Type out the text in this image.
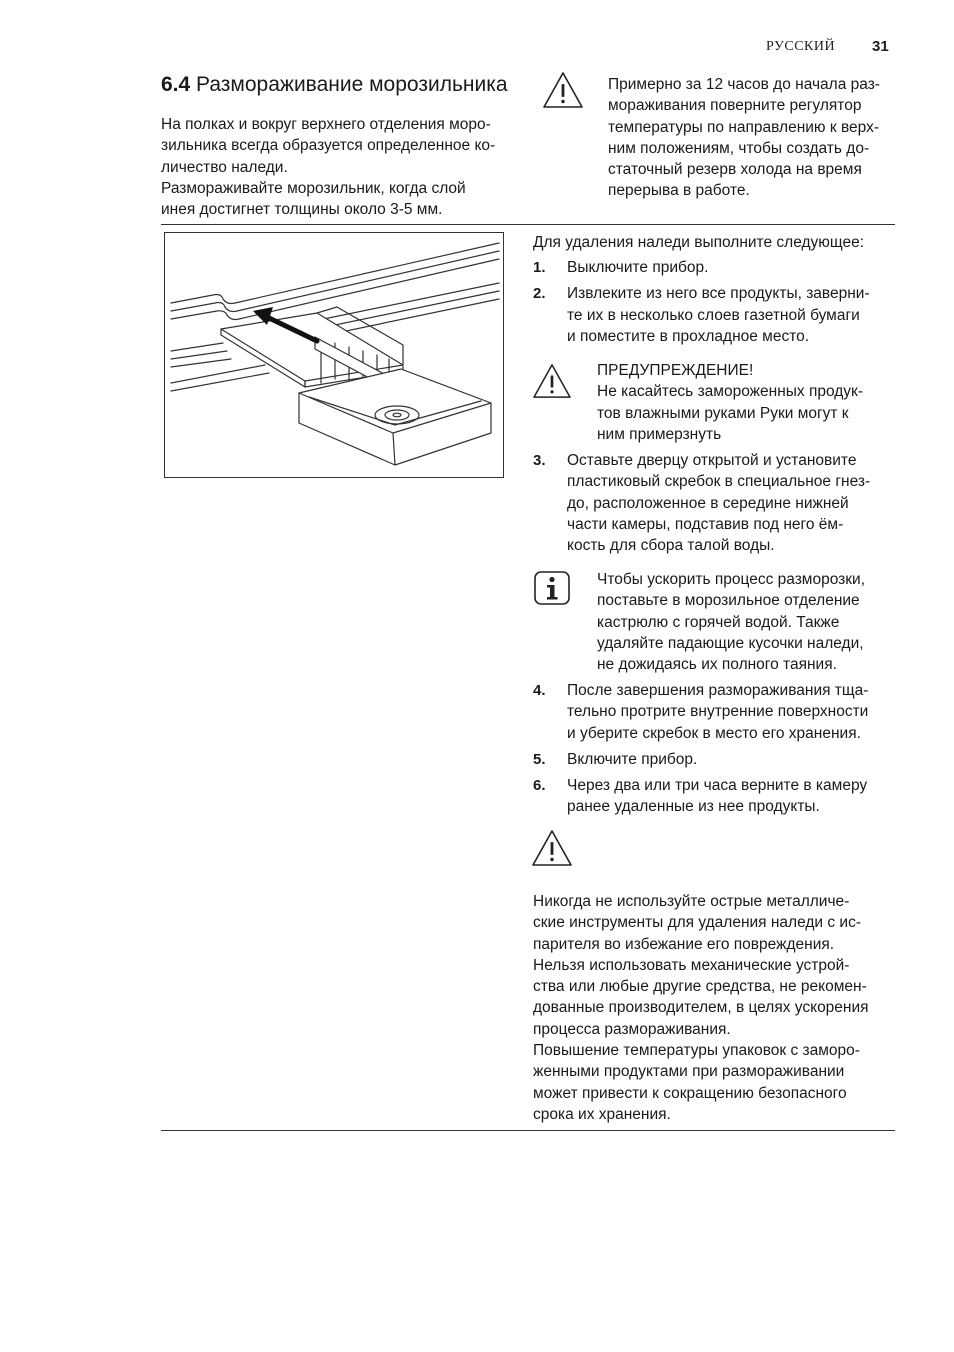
РУССКИЙ 31
6.4 Размораживание морозильника
На полках и вокруг верхнего отделения моро-
зильника всегда образуется определенное ко-
личество наледи.
Размораживайте морозильник, когда слой
инея достигнет толщины около 3-5 мм.
Примерно за 12 часов до начала раз-
мораживания поверните регулятор
температуры по направлению к верх-
ним положениям, чтобы создать до-
статочный резерв холода на время
перерыва в работе.
Для удаления наледи выполните следующее:
1. Выключите прибор.
2. Извлеките из него все продукты, заверни-
те их в несколько слоев газетной бумаги
и поместите в прохладное место.
ПРЕДУПРЕЖДЕНИЕ!
Не касайтесь замороженных продук-
тов влажными руками Руки могут к
ним примерзнуть
3. Оставьте дверцу открытой и установите
пластиковый скребок в специальное гнез-
до, расположенное в середине нижней
части камеры, подставив под него ём-
кость для сбора талой воды.
Чтобы ускорить процесс разморозки,
поставьте в морозильное отделение
кастрюлю с горячей водой. Также
удаляйте падающие кусочки наледи,
не дожидаясь их полного таяния.
4. После завершения размораживания тща-
тельно протрите внутренние поверхности
и уберите скребок в место его хранения.
5. Включите прибор.
6. Через два или три часа верните в камеру
ранее удаленные из нее продукты.
Никогда не используйте острые металличе-
ские инструменты для удаления наледи с ис-
парителя во избежание его повреждения.
Нельзя использовать механические устрой-
ства или любые другие средства, не рекомен-
дованные производителем, в целях ускорения
процесса размораживания.
Повышение температуры упаковок с заморо-
женными продуктами при размораживании
может привести к сокращению безопасного
срока их хранения.
